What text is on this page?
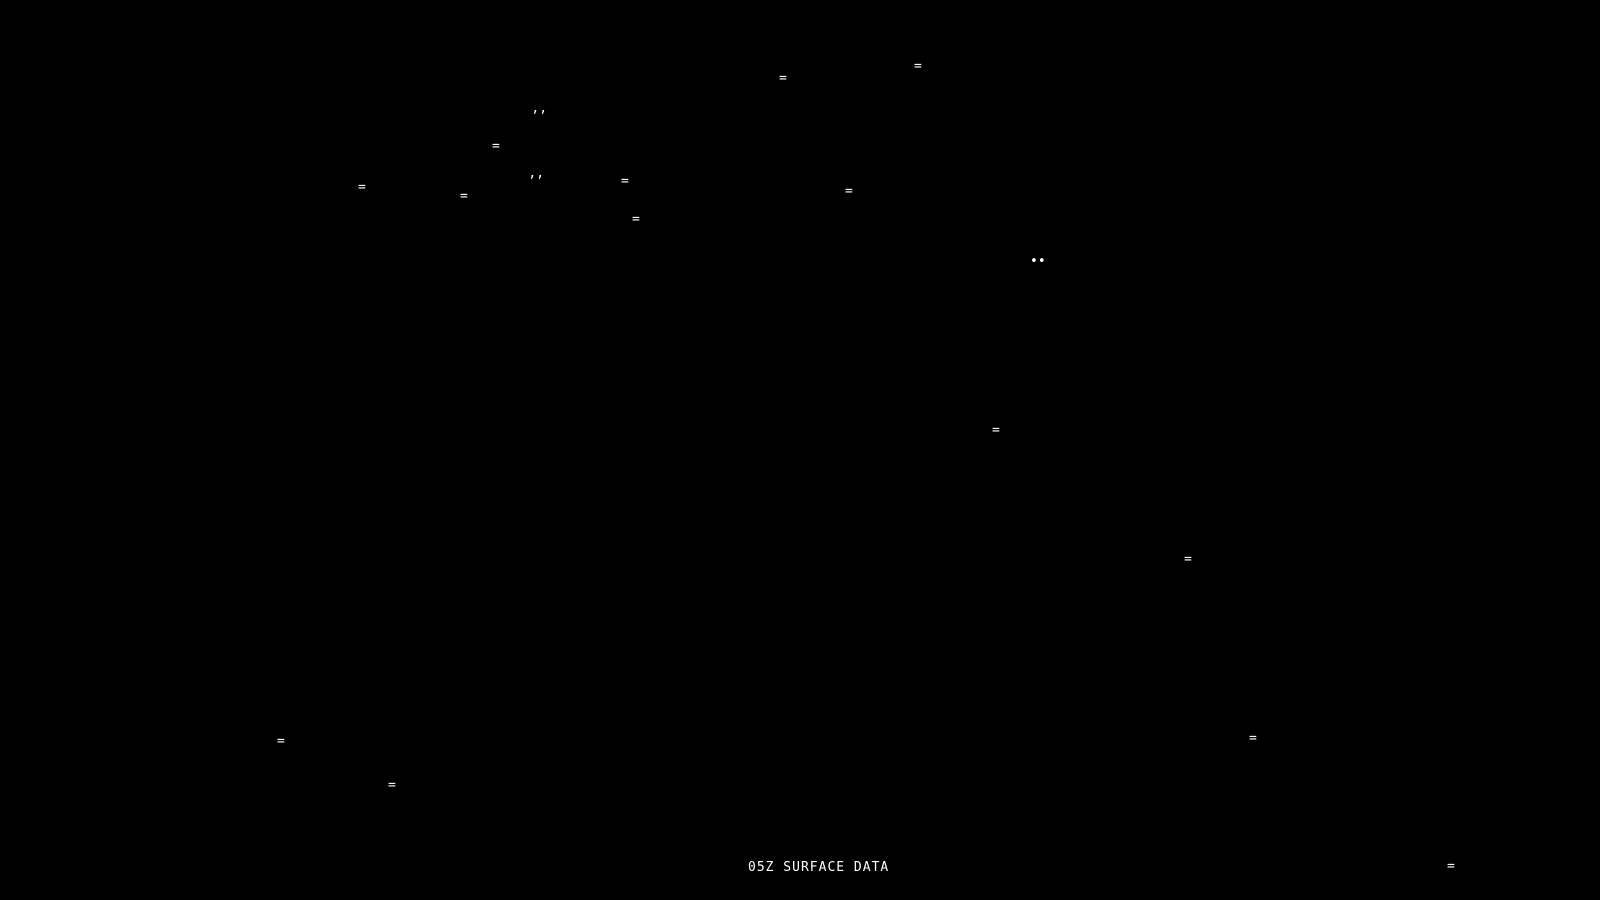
=
=
’’
=
=
’’
=	=
=
=
••
=
=
=
=
=
=
05Z SURFACE DATA
